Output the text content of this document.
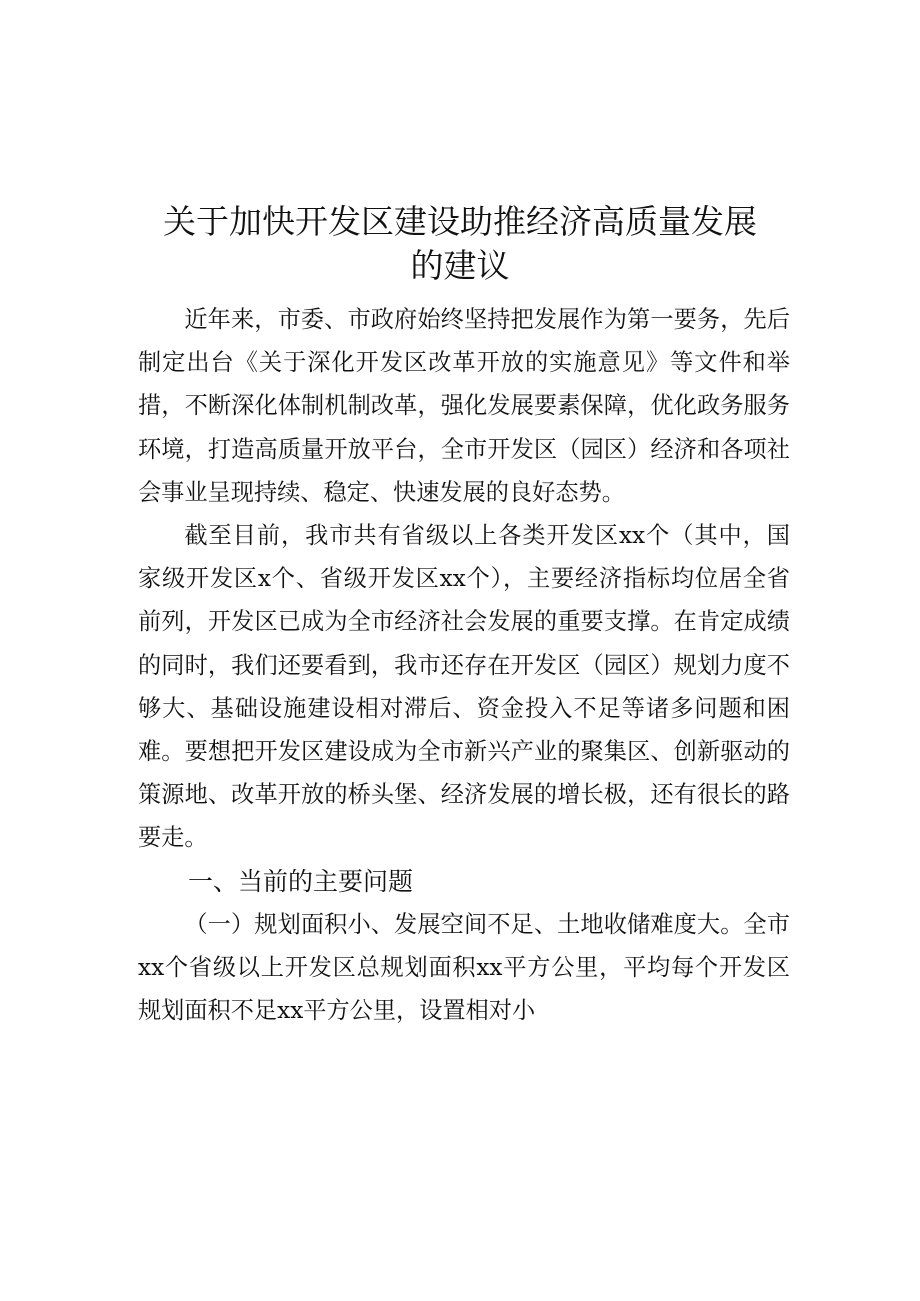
关于加快开发区建设助推经济高质量发展
的建议

近年来，市委、市政府始终坚持把发展作为第一要务，先后制定出台《关于深化开发区改革开放的实施意见》等文件和举措，不断深化体制机制改革，强化发展要素保障，优化政务服务环境，打造高质量开放平台，全市开发区（园区）经济和各项社会事业呈现持续、稳定、快速发展的良好态势。

截至目前，我市共有省级以上各类开发区xx个（其中，国家级开发区x个、省级开发区xx个），主要经济指标均位居全省前列，开发区已成为全市经济社会发展的重要支撑。在肯定成绩的同时，我们还要看到，我市还存在开发区（园区）规划力度不够大、基础设施建设相对滞后、资金投入不足等诸多问题和困难。要想把开发区建设成为全市新兴产业的聚集区、创新驱动的策源地、改革开放的桥头堡、经济发展的增长极，还有很长的路要走。

一、当前的主要问题

（一）规划面积小、发展空间不足、土地收储难度大。全市xx个省级以上开发区总规划面积xx平方公里，平均每个开发区规划面积不足xx平方公里，设置相对小
